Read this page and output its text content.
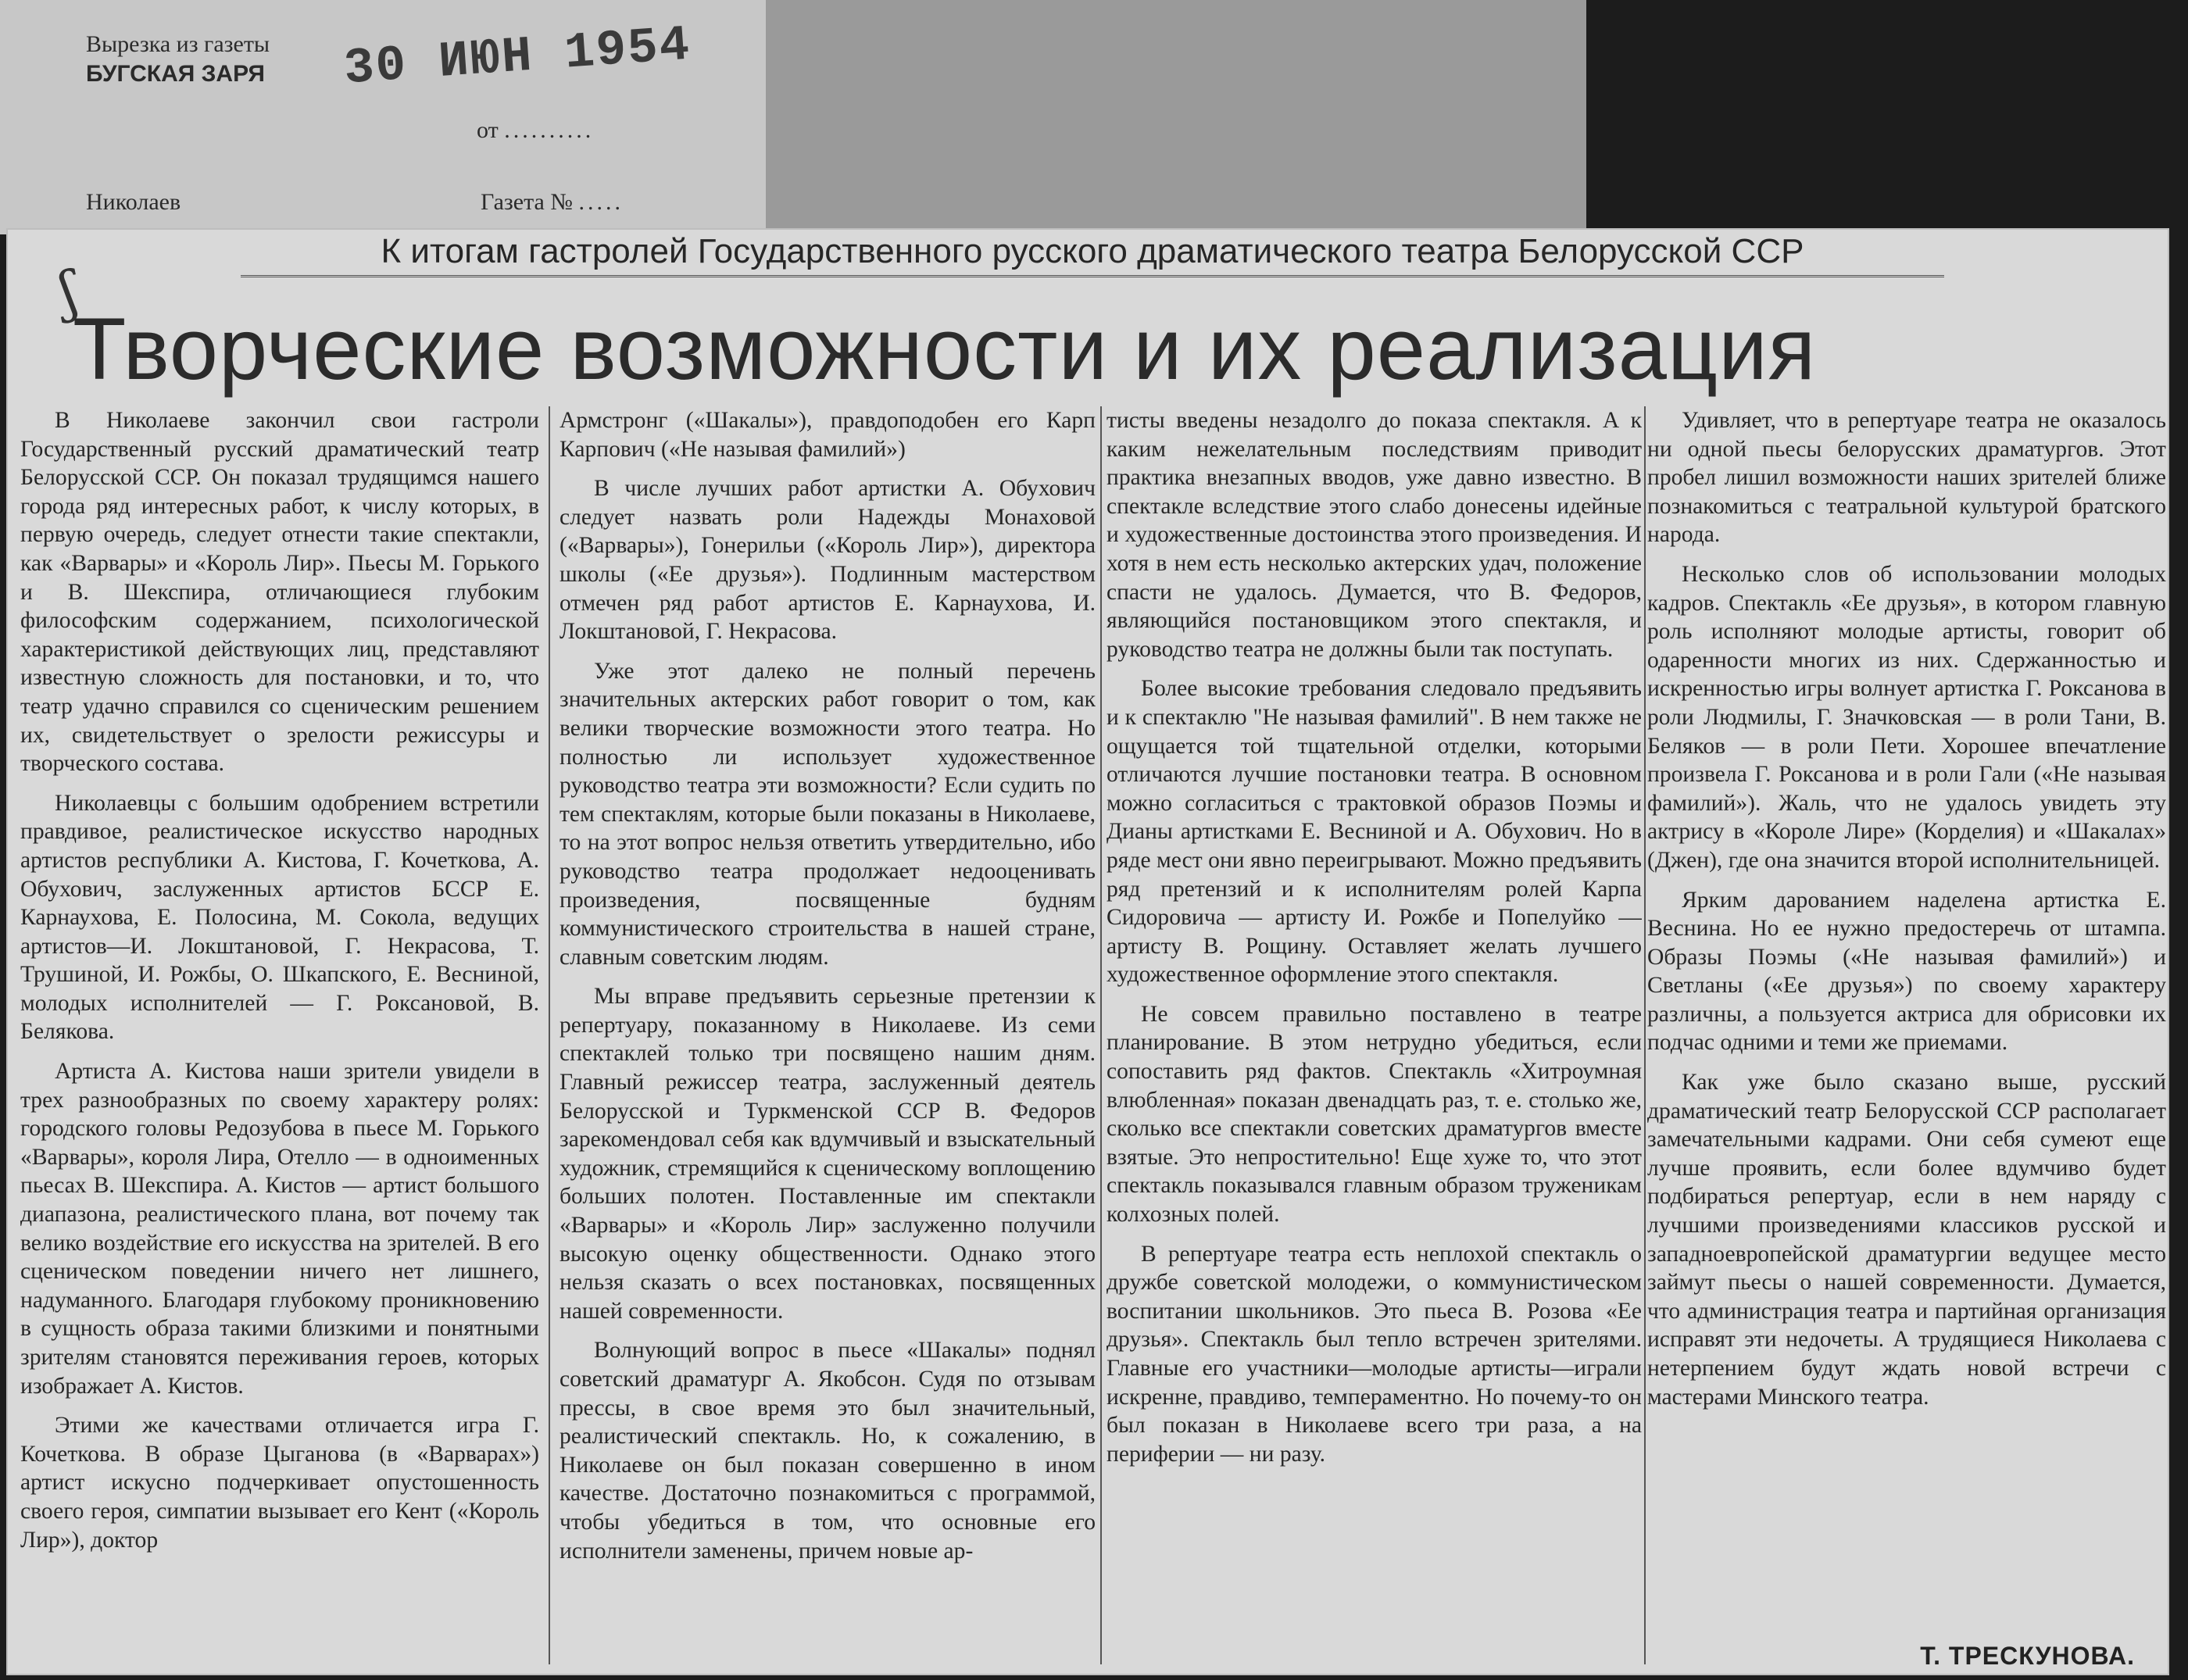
Вырезка из газеты
БУГСКАЯ ЗАРЯ 30 ИЮН 1954
от ..........
Николаев	Газета № .....
ʃ
К итогам гастролей Государственного русского драматического театра Белорусской ССР
Творческие возможности и их реализация

В Николаеве закончил свои гастроли Государственный русский драматический театр Белорусской ССР. Он показал трудящимся нашего города ряд интересных работ, к числу которых, в первую очередь, следует отнести такие спектакли, как «Варвары» и «Король Лир». Пьесы М. Горького и В. Шекспира, отличающиеся глубоким философским содержанием, психологической характеристикой действующих лиц, представляют известную сложность для постановки, и то, что театр удачно справился со сценическим решением их, свидетельствует о зрелости режиссуры и творческого состава.

Николаевцы с большим одобрением встретили правдивое, реалистическое искусство народных артистов республики А. Кистова, Г. Кочеткова, А. Обухович, заслуженных артистов БССР Е. Карнаухова, Е. Полосина, М. Сокола, ведущих артистов—И. Локштановой, Г. Некрасова, Т. Трушиной, И. Рожбы, О. Шкапского, Е. Весниной, молодых исполнителей — Г. Роксановой, В. Белякова.

Артиста А. Кистова наши зрители увидели в трех разнообразных по своему характеру ролях: городского головы Редозубова в пьесе М. Горького «Варвары», короля Лира, Отелло — в одноименных пьесах В. Шекспира. А. Кистов — артист большого диапазона, реалистического плана, вот почему так велико воздействие его искусства на зрителей. В его сценическом поведении ничего нет лишнего, надуманного. Благодаря глубокому проникновению в сущность образа такими близкими и понятными зрителям становятся переживания героев, которых изображает А. Кистов.

Этими же качествами отличается игра Г. Кочеткова. В образе Цыганова (в «Варварах») артист искусно подчеркивает опустошенность своего героя, симпатии вызывает его Кент («Король Лир»), доктор

Армстронг («Шакалы»), правдоподобен его Карп Карпович («Не называя фамилий»)

В числе лучших работ артистки А. Обухович следует назвать роли Надежды Монаховой («Варвары»), Гонерильи («Король Лир»), директора школы («Ее друзья»). Подлинным мастерством отмечен ряд работ артистов Е. Карнаухова, И. Локштановой, Г. Некрасова.

Уже этот далеко не полный перечень значительных актерских работ говорит о том, как велики творческие возможности этого театра. Но полностью ли использует художественное руководство театра эти возможности? Если судить по тем спектаклям, которые были показаны в Николаеве, то на этот вопрос нельзя ответить утвердительно, ибо руководство театра продолжает недооценивать произведения, посвященные будням коммунистического строительства в нашей стране, славным советским людям.

Мы вправе предъявить серьезные претензии к репертуару, показанному в Николаеве. Из семи спектаклей только три посвящено нашим дням. Главный режиссер театра, заслуженный деятель Белорусской и Туркменской ССР В. Федоров зарекомендовал себя как вдумчивый и взыскательный художник, стремящийся к сценическому воплощению больших полотен. Поставленные им спектакли «Варвары» и «Король Лир» заслуженно получили высокую оценку общественности. Однако этого нельзя сказать о всех постановках, посвященных нашей современности.

Волнующий вопрос в пьесе «Шакалы» поднял советский драматург А. Якобсон. Судя по отзывам прессы, в свое время это был значительный, реалистический спектакль. Но, к сожалению, в Николаеве он был показан совершенно в ином качестве. Достаточно познакомиться с программой, чтобы убедиться в том, что основные его исполнители заменены, причем новые ар-

тисты введены незадолго до показа спектакля. А к каким нежелательным последствиям приводит практика внезапных вводов, уже давно известно. В спектакле вследствие этого слабо донесены идейные и художественные достоинства этого произведения. И хотя в нем есть несколько актерских удач, положение спасти не удалось. Думается, что В. Федоров, являющийся постановщиком этого спектакля, и руководство театра не должны были так поступать.

Более высокие требования следовало предъявить и к спектаклю "Не называя фамилий". В нем также не ощущается той тщательной отделки, которыми отличаются лучшие постановки театра. В основном можно согласиться с трактовкой образов Поэмы и Дианы артистками Е. Весниной и А. Обухович. Но в ряде мест они явно переигрывают. Можно предъявить ряд претензий и к исполнителям ролей Карпа Сидоровича — артисту И. Рожбе и Попелуйко — артисту В. Рощину. Оставляет желать лучшего художественное оформление этого спектакля.

Не совсем правильно поставлено в театре планирование. В этом нетрудно убедиться, если сопоставить ряд фактов. Спектакль «Хитроумная влюбленная» показан двенадцать раз, т. е. столько же, сколько все спектакли советских драматургов вместе взятые. Это непростительно! Еще хуже то, что этот спектакль показывался главным образом труженикам колхозных полей.

В репертуаре театра есть неплохой спектакль о дружбе советской молодежи, о коммунистическом воспитании школьников. Это пьеса В. Розова «Ее друзья». Спектакль был тепло встречен зрителями. Главные его участники—молодые артисты—играли искренне, правдиво, темпераментно. Но почему-то он был показан в Николаеве всего три раза, а на периферии — ни разу.

Удивляет, что в репертуаре театра не оказалось ни одной пьесы белорусских драматургов. Этот пробел лишил возможности наших зрителей ближе познакомиться с театральной культурой братского народа.

Несколько слов об использовании молодых кадров. Спектакль «Ее друзья», в котором главную роль исполняют молодые артисты, говорит об одаренности многих из них. Сдержанностью и искренностью игры волнует артистка Г. Роксанова в роли Людмилы, Г. Значковская — в роли Тани, В. Беляков — в роли Пети. Хорошее впечатление произвела Г. Роксанова и в роли Гали («Не называя фамилий»). Жаль, что не удалось увидеть эту актрису в «Короле Лире» (Корделия) и «Шакалах» (Джен), где она значится второй исполнительницей.

Ярким дарованием наделена артистка Е. Веснина. Но ее нужно предостеречь от штампа. Образы Поэмы («Не называя фамилий») и Светланы («Ее друзья») по своему характеру различны, а пользуется актриса для обрисовки их подчас одними и теми же приемами.

Как уже было сказано выше, русский драматический театр Белорусской ССР располагает замечательными кадрами. Они себя сумеют еще лучше проявить, если более вдумчиво будет подбираться репертуар, если в нем наряду с лучшими произведениями классиков русской и западноевропейской драматургии ведущее место займут пьесы о нашей современности. Думается, что администрация театра и партийная организация исправят эти недочеты. А трудящиеся Николаева с нетерпением будут ждать новой встречи с мастерами Минского театра.

Т. ТРЕСКУНОВА.
